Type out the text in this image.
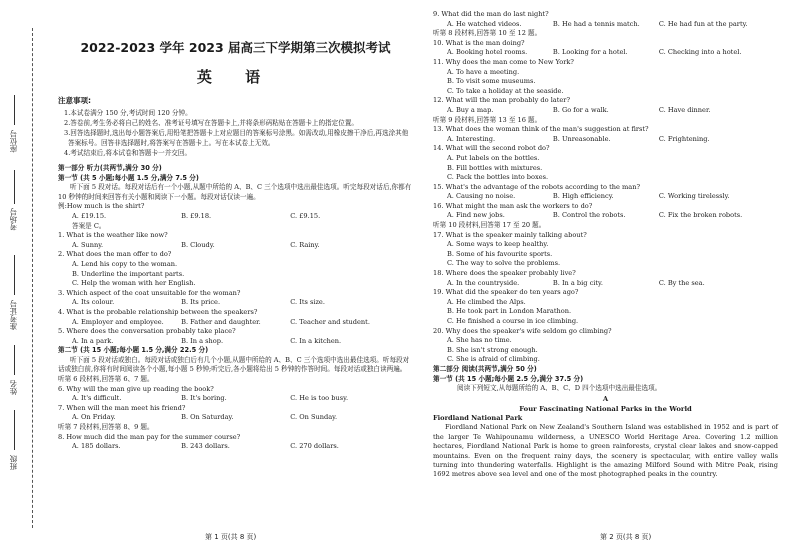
座位号
考场号
准考证号
姓名
班级
2022-2023 学年 2023 届高三下学期第三次模拟考试
英 语
注意事项:
1.本试卷满分 150 分,考试时间 120 分钟。
2.答卷前,考生务必将自己的姓名、准考证号填写在答题卡上,并将条形码粘贴在答题卡上的指定位置。
3.回答选择题时,选出每小题答案后,用铅笔把答题卡上对应题目的答案标号涂黑。如需改动,用橡皮擦干净后,再选涂其他答案标号。回答非选择题时,将答案写在答题卡上。写在本试卷上无效。
4.考试结束后,将本试卷和答题卡一并交回。
第一部分 听力(共两节,满分 30 分)
第一节 (共 5 小题;每小题 1.5 分,满分 7.5 分)
听下面 5 段对话。每段对话后有一个小题,从题中所给的 A、B、C 三个选项中选出最佳选项。听完每段对话后,你都有 10 秒钟的时间来回答有关小题和阅读下一小题。每段对话仅读一遍。
例:How much is the shirt?
A. £19.15.	B. £9.18.	C. £9.15.
答案是 C。
1. What is the weather like now?
A. Sunny.	B. Cloudy.	C. Rainy.
2. What does the man offer to do?
A. Lend his copy to the woman.
B. Underline the important parts.
C. Help the woman with her English.
3. Which aspect of the coat unsuitable for the woman?
A. Its colour.	B. Its price.	C. Its size.
4. What is the probable relationship between the speakers?
A. Employer and employee.	B. Father and daughter.	C. Teacher and student.
5. Where does the conversation probably take place?
A. In a park.	B. In a shop.	C. In a kitchen.
第二节 (共 15 小题;每小题 1.5 分,满分 22.5 分)
听下面 5 段对话或独白。每段对话或独白后有几个小题,从题中所给的 A、B、C 三个选项中选出最佳选项。听每段对话或独白前,你将有时间阅读各个小题,每小题 5 秒钟;听完后,各小题将给出 5 秒钟的作答时间。每段对话或独白读两遍。
听第 6 段材料,回答第 6、7 题。
6. Why will the man give up reading the book?
A. It's difficult.	B. It's boring.	C. He is too busy.
7. When will the man meet his friend?
A. On Friday.	B. On Saturday.	C. On Sunday.
听第 7 段材料,回答第 8、9 题。
8. How much did the man pay for the summer course?
A. 185 dollars.	B. 243 dollars.	C. 270 dollars.
第 1 页(共 8 页)
9. What did the man do last night?
A. He watched videos.	B. He had a tennis match.	C. He had fun at the party.
听第 8 段材料,回答第 10 至 12 题。
10. What is the man doing?
A. Booking hotel rooms.	B. Looking for a hotel.	C. Checking into a hotel.
11. Why does the man come to New York?
A. To have a meeting.
B. To visit some museums.
C. To take a holiday at the seaside.
12. What will the man probably do later?
A. Buy a map.	B. Go for a walk.	C. Have dinner.
听第 9 段材料,回答第 13 至 16 题。
13. What does the woman think of the man's suggestion at first?
A. Interesting.	B. Unreasonable.	C. Frightening.
14. What will the second robot do?
A. Put labels on the bottles.
B. Fill bottles with mixtures.
C. Pack the bottles into boxes.
15. What's the advantage of the robots according to the man?
A. Causing no noise.	B. High efficiency.	C. Working tirelessly.
16. What might the man ask the workers to do?
A. Find new jobs.	B. Control the robots.	C. Fix the broken robots.
听第 10 段材料,回答第 17 至 20 题。
17. What is the speaker mainly talking about?
A. Some ways to keep healthy.
B. Some of his favourite sports.
C. The way to solve the problems.
18. Where does the speaker probably live?
A. In the countryside.	B. In a big city.	C. By the sea.
19. What did the speaker do ten years ago?
A. He climbed the Alps.
B. He took part in London Marathon.
C. He finished a course in ice climbing.
20. Why does the speaker's wife seldom go climbing?
A. She has no time.
B. She isn't strong enough.
C. She is afraid of climbing.
第二部分 阅读(共两节,满分 50 分)
第一节 (共 15 小题;每小题 2.5 分,满分 37.5 分)
阅读下列短文,从每题所给的 A、B、C、D 四个选项中选出最佳选项。
A
Four Fascinating National Parks in the World
Fiordland National Park
Fiordland National Park on New Zealand's Southern Island was established in 1952 and is part of the larger Te Wahipounamu wilderness, a UNESCO World Heritage Area. Covering 1.2 million hectares, Fiordland National Park is home to green rainforests, crystal clear lakes and snow-capped mountains. Even on the frequent rainy days, the scenery is spectacular, with entire valley walls turning into thundering waterfalls. Highlight is the amazing Milford Sound with Mitre Peak, rising 1692 metres above sea level and one of the most photographed peaks in the country.
第 2 页(共 8 页)
